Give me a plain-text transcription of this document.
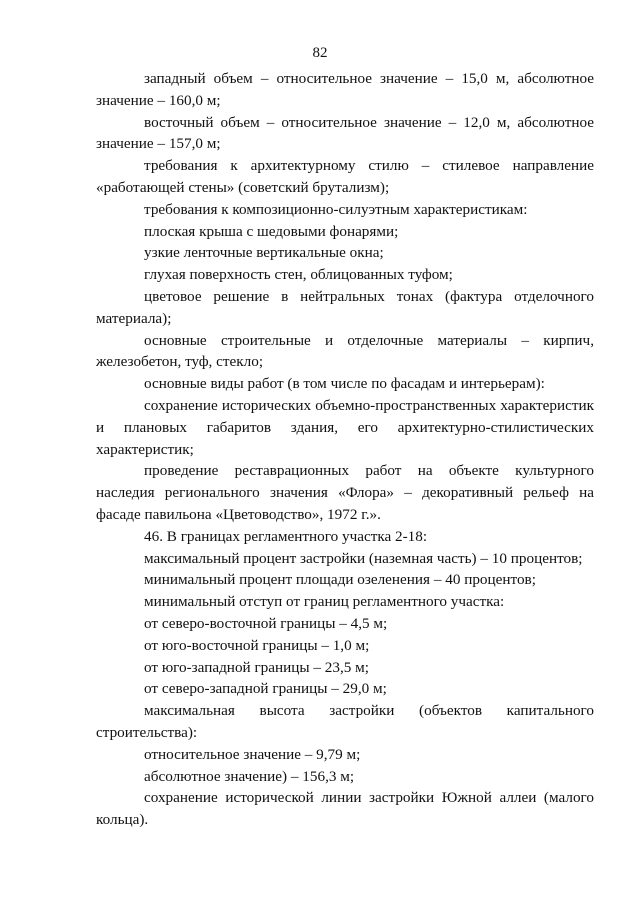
82

западный объем – относительное значение – 15,0 м, абсолютное значение – 160,0 м;

восточный объем – относительное значение – 12,0 м, абсолютное значение – 157,0 м;

требования к архитектурному стилю – стилевое направление «работающей стены» (советский брутализм);

требования к композиционно-силуэтным характеристикам:

плоская крыша с шедовыми фонарями;

узкие ленточные вертикальные окна;

глухая поверхность стен, облицованных туфом;

цветовое решение в нейтральных тонах (фактура отделочного материала);

основные строительные и отделочные материалы – кирпич, железобетон, туф, стекло;

основные виды работ (в том числе по фасадам и интерьерам):

сохранение исторических объемно-пространственных характеристик и плановых габаритов здания, его архитектурно-стилистических характеристик;

проведение реставрационных работ на объекте культурного наследия регионального значения «Флора» – декоративный рельеф на фасаде павильона «Цветоводство», 1972 г.».

46. В границах регламентного участка 2-18:

максимальный процент застройки (наземная часть) – 10 процентов;

минимальный процент площади озеленения – 40 процентов;

минимальный отступ от границ регламентного участка:

от северо-восточной границы – 4,5 м;

от юго-восточной границы – 1,0 м;

от юго-западной границы – 23,5 м;

от северо-западной границы – 29,0 м;

максимальная высота застройки (объектов капитального строительства):

относительное значение – 9,79 м;

абсолютное значение) – 156,3 м;

сохранение исторической линии застройки Южной аллеи (малого кольца).
